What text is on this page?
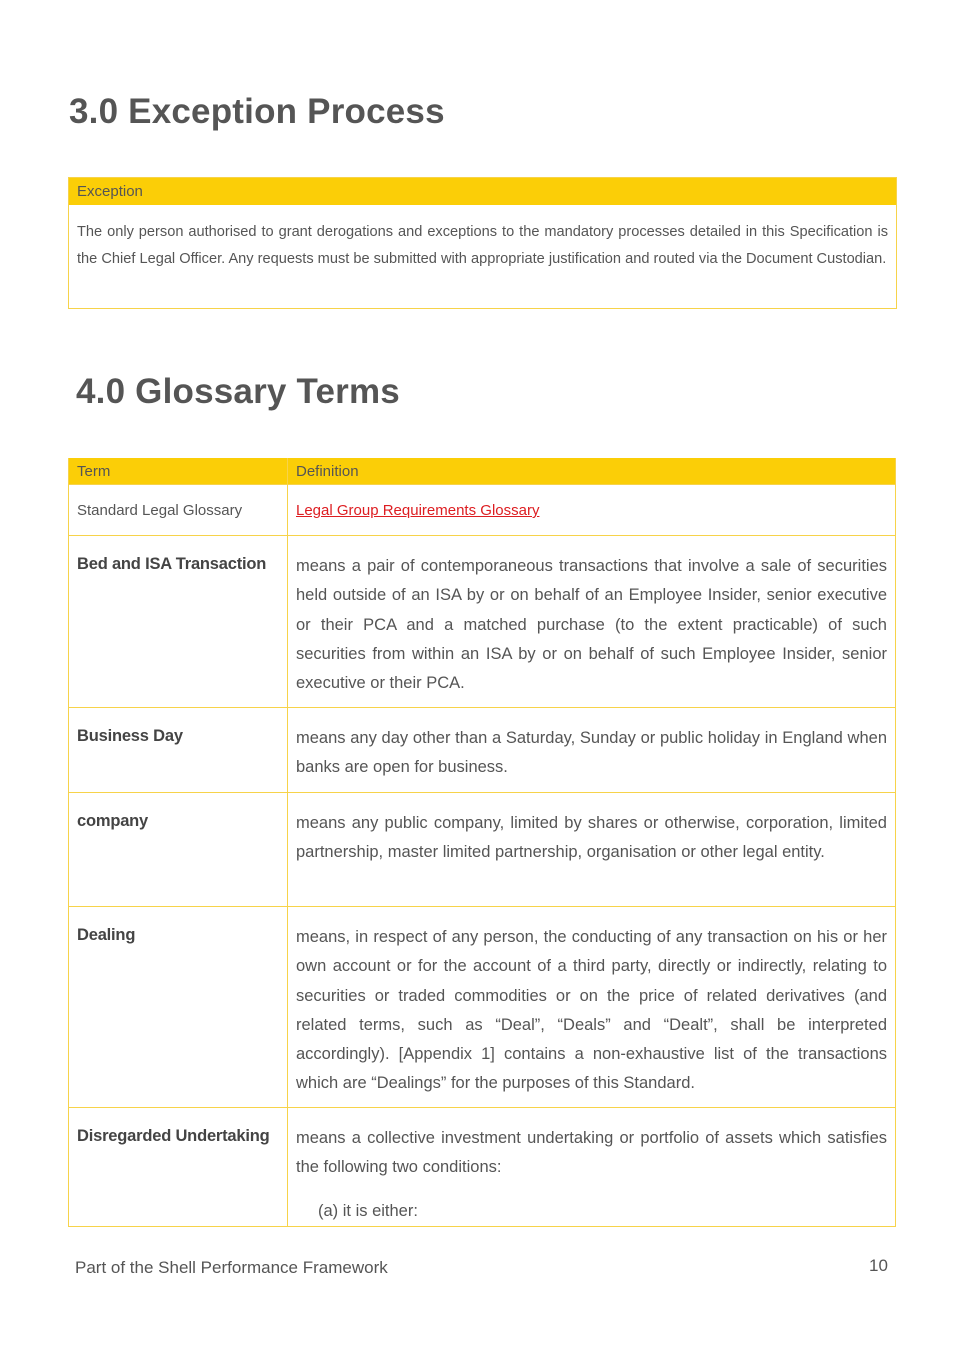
3.0 Exception Process
Exception
The only person authorised to grant derogations and exceptions to the mandatory processes detailed in this Specification is the Chief Legal Officer. Any requests must be submitted with appropriate justification and routed via the Document Custodian.
4.0 Glossary Terms
Term	Definition
Standard Legal Glossary	Legal Group Requirements Glossary
Bed and ISA Transaction	means a pair of contemporaneous transactions that involve a sale of securities held outside of an ISA by or on behalf of an Employee Insider, senior executive or their PCA and a matched purchase (to the extent practicable) of such securities from within an ISA by or on behalf of such Employee Insider, senior executive or their PCA.
Business Day	means any day other than a Saturday, Sunday or public holiday in England when banks are open for business.
company	means any public company, limited by shares or otherwise, corporation, limited partnership, master limited partnership, organisation or other legal entity.
Dealing	means, in respect of any person, the conducting of any transaction on his or her own account or for the account of a third party, directly or indirectly, relating to securities or traded commodities or on the price of related derivatives (and related terms, such as “Deal”, “Deals” and “Dealt”, shall be interpreted accordingly). [Appendix 1] contains a non-exhaustive list of the transactions which are “Dealings” for the purposes of this Standard.
Disregarded Undertaking	means a collective investment undertaking or portfolio of assets which satisfies the following two conditions:
(a) it is either:
Part of the Shell Performance Framework	10
